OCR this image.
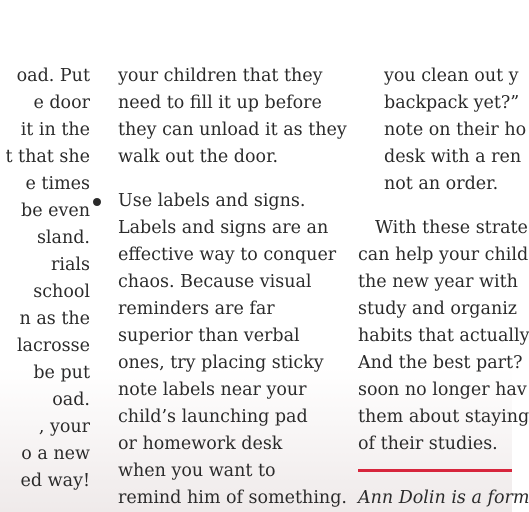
oad. Put
e door
it in the
t that she
e times
be even
sland.
rials
school
n as the
lacrosse
be put
oad.
, your
o a new
ed way!
your children that they
need to fill it up before
they can unload it as they
walk out the door.
Use labels and signs.
Labels and signs are an
effective way to conquer
chaos. Because visual
reminders are far
superior than verbal
ones, try placing sticky
note labels near your
child’s launching pad
or homework desk
when you want to
remind him of something.
you clean out y
backpack yet?”
note on their ho
desk with a ren
not an order.
With these strate
can help your child
the new year with
study and organiz
habits that actually
And the best part?
soon no longer hav
them about staying
of their studies.
Ann Dolin is a form
